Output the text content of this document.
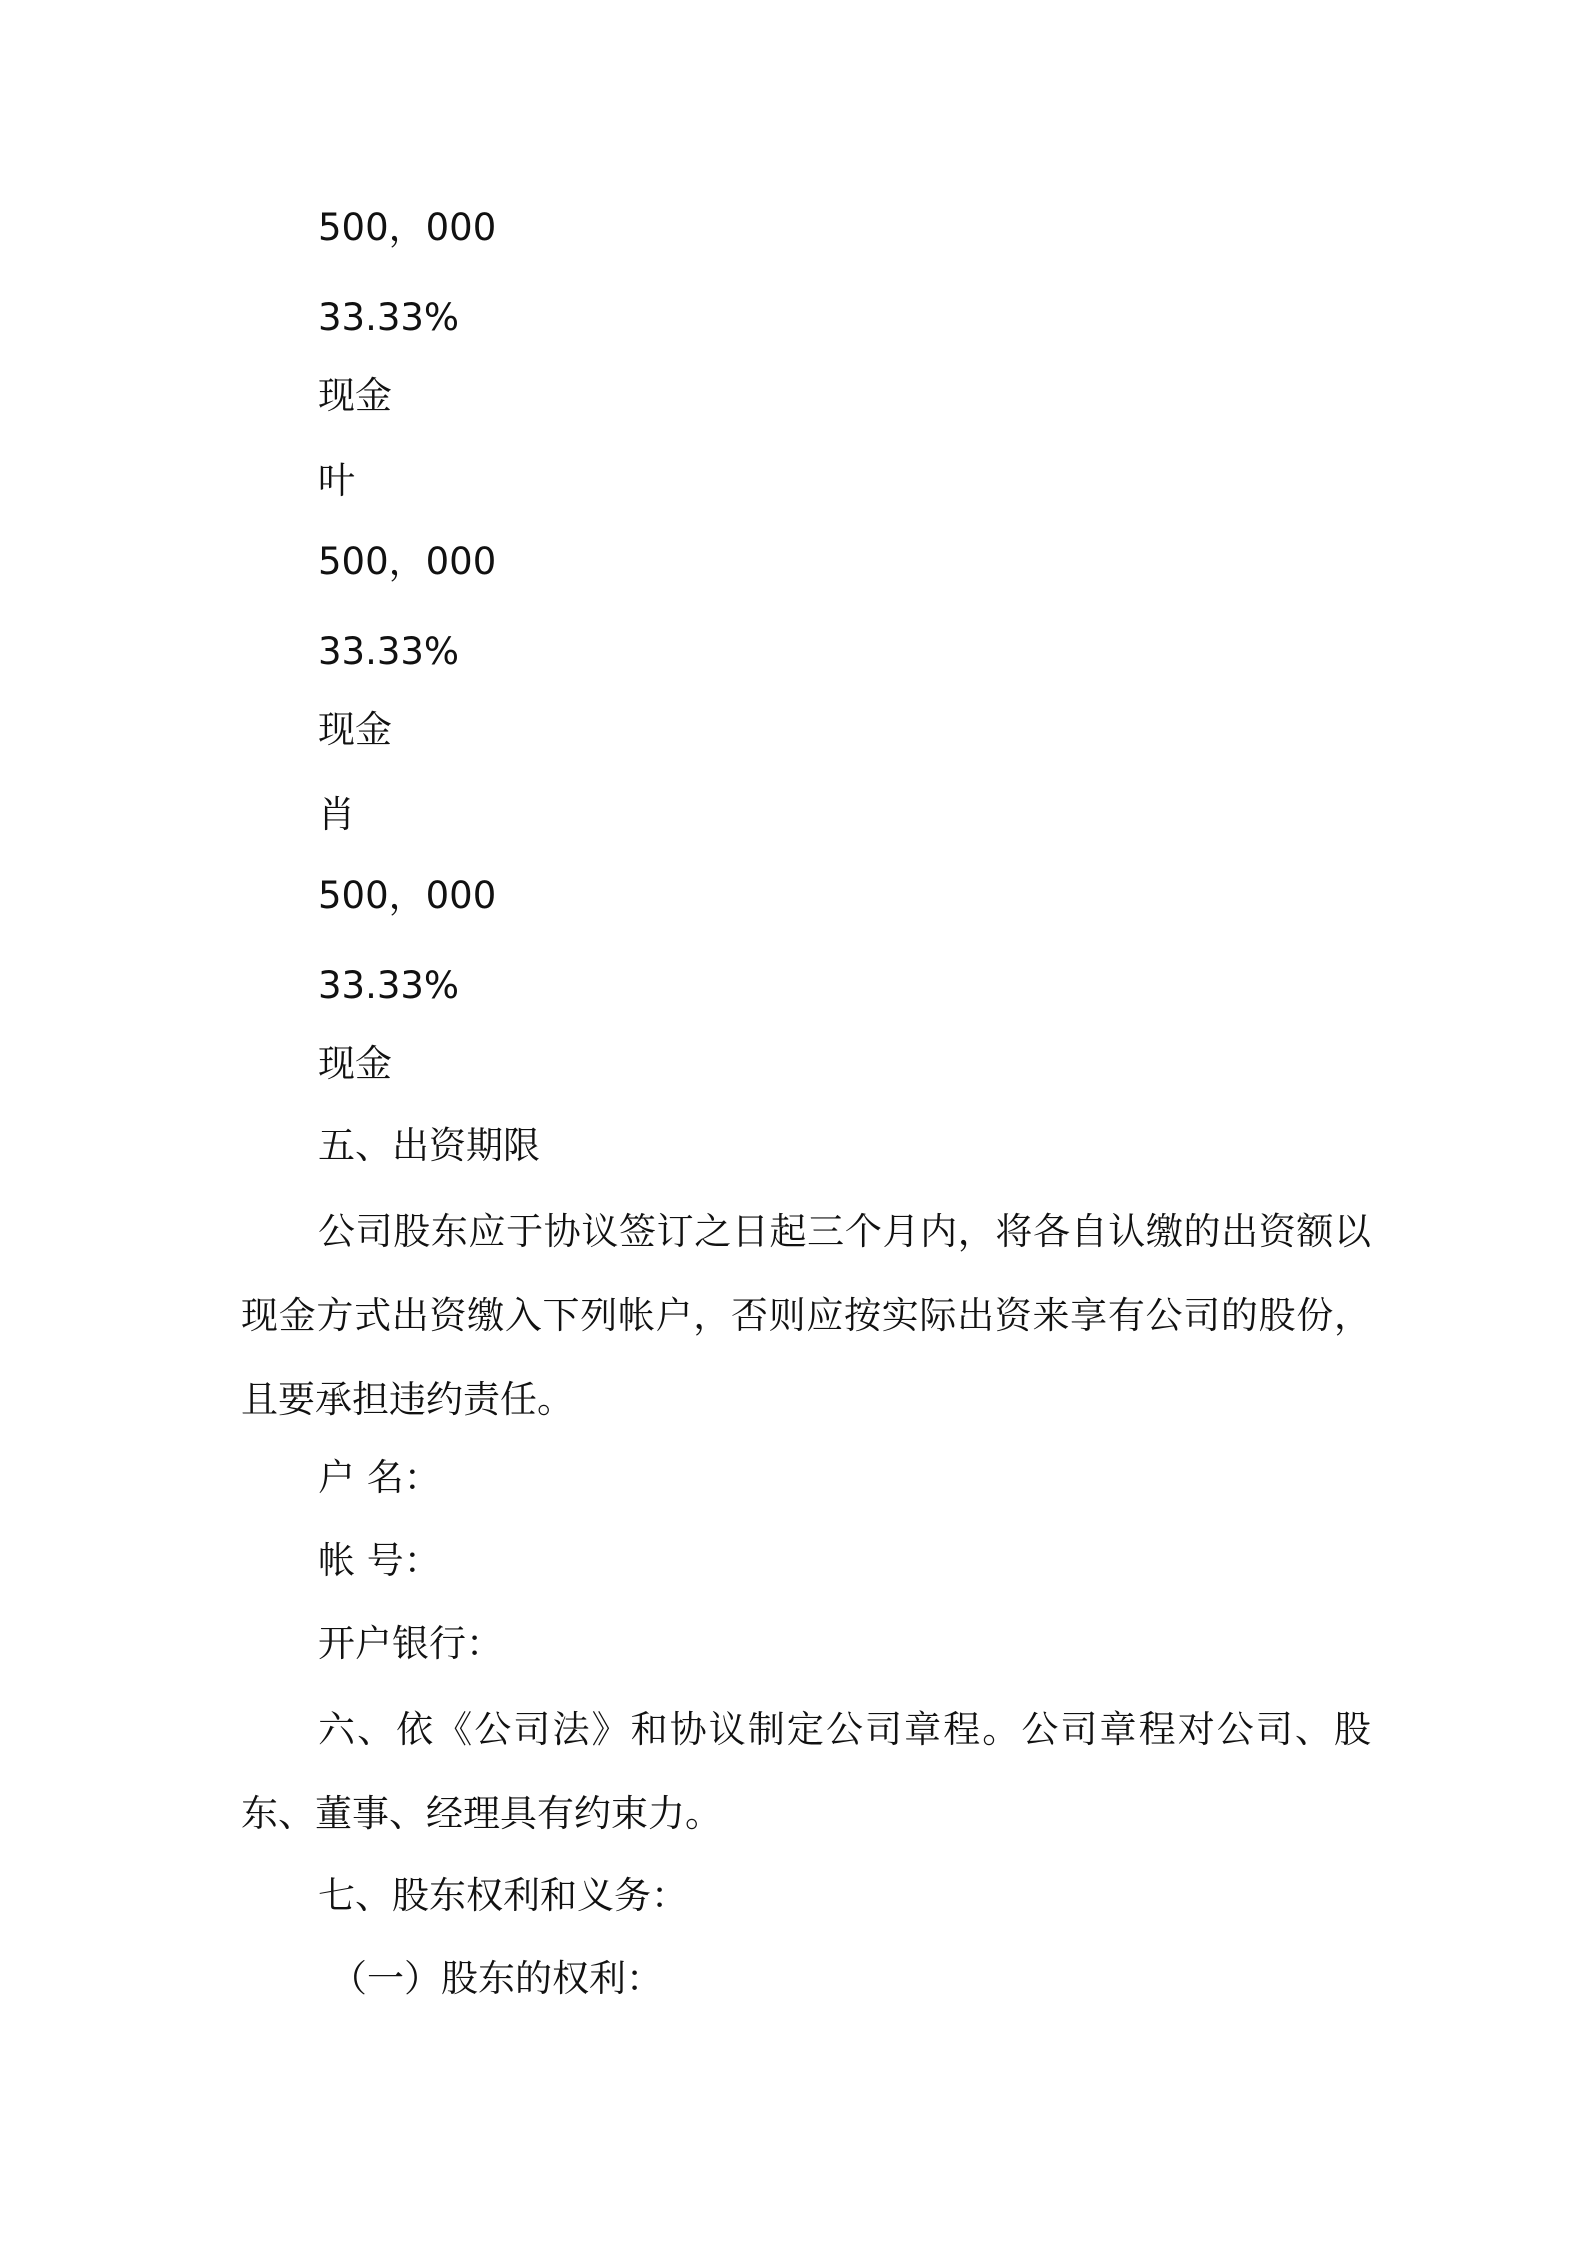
500，000
33.33%
现金
叶
500，000
33.33%
现金
肖
500，000
33.33%
现金
五、出资期限
公司股东应于协议签订之日起三个月内，将各自认缴的出资额以现金方式出资缴入下列帐户，否则应按实际出资来享有公司的股份，且要承担违约责任。
户 名：
帐 号：
开户银行：
六、依《公司法》和协议制定公司章程。公司章程对公司、股东、董事、经理具有约束力。
七、股东权利和义务：
（一）股东的权利：
